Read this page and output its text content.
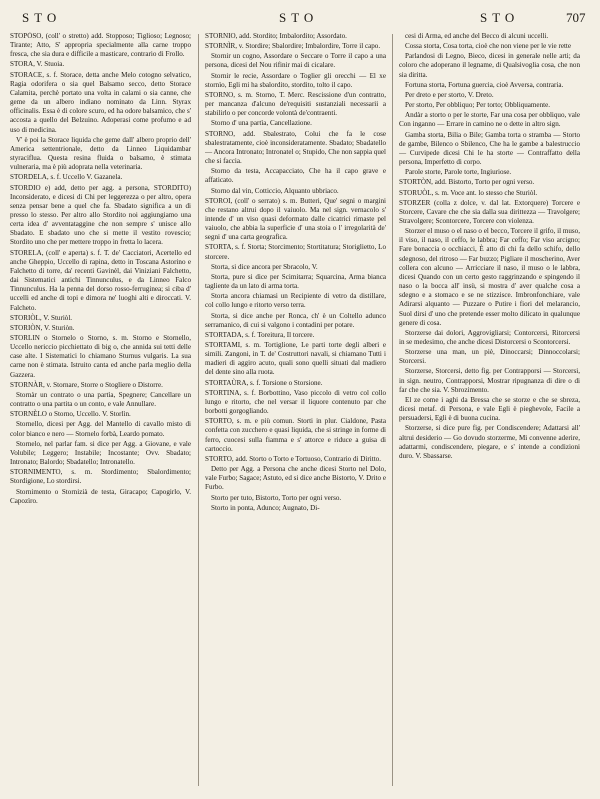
STO	STO	STO	707

STOPÒSO, (coll' o stretto) add. Stopposo; Tiglioso; Legnoso; Tirante; Atto, S' appropria specialmente alla carne troppo fresca, che sia dura e difficile a masticare, contrario di Frollo.

STORA, V. Stuoia.

STORACE, s. f. Storace, detta anche Melo cotogno selvatico, Ragia odorifera o sia quel Balsamo secco, detto Storace Calamita, perchè portato una volta in calami o sia canne, che geme da un albero indiano nominato da Linn. Styrax officinalis. Essa è di colore scuro, ed ha odore balsamico, che s' accosta a quello del Belzuino. Adoperasi come profumo e ad uso di medicina.

V' è poi la Storace liquida che geme dall' albero proprio dell' America settentrionale, detto da Linneo Liquidambar styraciflua. Questa resina fluida o balsamo, è stimata vulneraria, ma è più adoprata nella veterinaria.

STORDELA, s. f. Uccello V. Gazanela.

STORDIO e) add, detto per agg. a persona, STORDITO) Inconsiderato, e dicesi di Chi per leggerezza o per altro, opera senza pensar bene a quel che fa. Sbadato significa a un di presso lo stesso. Per altro allo Stordito noi aggiungiamo una certa idea d' avventataggine che non sempre s' unisce allo Sbadato. E sbadato uno che si mette il vestito rovescio; Stordito uno che per mettere troppo in fretta lo lacera.

STORELA, (coll' e aperta) s. f. T. de' Cacciatori, Acertello ed anche Gheppio, Uccello di rapina, detto in Toscana Astorino e Falchetto di torre, da' recenti Gavinèl, dai Viniziani Falchetto, dai Sistematici antichi Tinnunculus, e da Linneo Falco Tinnunculus. Ha la penna del dorso rosso-ferruginea; si ciba d' uccelli ed anche di topi e dimora ne' luoghi alti e diroccati. V. Falcheto.

STORIÒL, V. Sturiòl.

STORIÒN, V. Sturiòn.

STORLIN o Stornelo o Storno, s. m. Storno e Stornello, Uccello nericcio picchiettato di big o, che annida sui tetti delle case alte. I Sistematici lo chiamano Sturnus vulgaris. La sua carne non è stimata. Istruito canta ed anche parla meglio della Gazzera.

STORNÀR, v. Stornare, Storre o Stogliere o Distorre.

Stornàr un contrato o una partìa, Spegnere; Cancellare un contratto o una partita o un conto, e vale Annullare.

STORNÈLO o Storno, Uccello. V. Storlìn.

Stornello, dicesi per Agg. del Mantello di cavallo misto di color bianco e nero — Stornelo forbà, Leardo pomato.

Stornelo, nel parlar fam. si dice per Agg. a Giovane, e vale Volubile; Leggero; Instabile; Incostante; Ovv. Sbadato; Intronato; Balordo; Sbadatello; Intronatello.

STORNIMENTO, s. m. Stordimento; Sbalordimento; Stordigione, Lo stordirsi.

Stornimento o Stornizià de testa, Giracapo; Capogirlo, V. Capozìro.

STORNIO, add. Stordito; Imbalordito; Assordato.

STORNÌR, v. Stordire; Sbalordire; Imbalordire, Torre il capo.

Stornir un cogno, Assordare o Seccare o Torre il capo a una persona, dicesi del Nou rifinir mai di cicalare.

Stornir le recie, Assordare o Toglier gli orecchi — El xe stornìo, Egli mi ha sbalordito, stordito, tolto il capo.

STORNO, s. m. Storno, T. Merc. Rescissione d'un contratto, per mancanza d'alcuno de'requisiti sustanziali necessarii a stabilirlo o per concorde volontà de'contraenti.

Storno d' una partìa, Cancellazione.

STORNO, add. Sbalestrato, Colui che fa le cose sbalestratamente, cioè inconsideratamente. Sbadato; Sbadatello — Ancora Intronato; Intronatel o; Stupido, Che non sappia quel che si faccia.

Storno da testa, Accapacciato, Che ha il capo grave e affaticato.

Storno dal vin, Cotticcio, Alquanto ubbriaco.

STOROI, (coll' o serrato) s. m. Butteri, Que' segni o margini che restano altrui dopo il vaiuolo. Ma nel sign. vernacolo s' intende d' un viso quasi deformato dalle cicatrici rimaste pel vaiuolo, che abbia la superficie d' una stoia o l' irregolarità de' segni d' una carta geografica.

STORTA, s. f. Storta; Storcimento; Stortitatura; Storiglietto, Lo storcere.

Storta, si dice ancora per Sbracolo, V.

Storta, pure si dice per Scimitarra; Squarcina, Arma bianca tagliente da un lato di arma torta.

Storta ancora chiamasi un Recipiente di vetro da distillare, col collo lungo e ritorto verso terra.

Storta, si dice anche per Ronca, ch' è un Coltello adunco serramanico, di cui si valgono i contadini per potare.

STORTADA, s. f. Toreitura, Il torcere.

STORTAMI, s. m. Tortiglione, Le parti torte degli alberi e simili. Zangoni, in T. de' Costruttori navali, si chiamano Tutti i madieri di aggiro acuto, quali sono quelli situati dal madiero del dente sino alla ruota.

STORTAÙRA, s. f. Torsione o Storsione.

STORTINA, s. f. Borbottino, Vaso piccolo di vetro col collo lungo e ritorto, che nel versar il liquore contenuto par che borbotti gorgogliando.

STORTO, s. m. e più comun. Storti in plur. Cialdone, Pasta confetta con zucchero e quasi liquida, che si stringe in forme di ferro, cuocesi sulla fiamma e s' attorce e riduce a guisa di cartoccio.

STORTO, add. Storto o Torto e Tortuoso, Contrario di Diritto.

Detto per Agg. a Persona che anche dicesi Storto nel Dolo, vale Furbo; Sagace; Astuto, ed si dice anche Bistorto, V. Drito e Furbo.

Storto per tuto, Bistorto, Torto per ogni verso.

Storto in ponta, Adunco; Augnato, Di-

cesi di Arma, ed anche del Becco di alcuni uccelli.

Cossa storta, Cosa torta, cioè che non viene per le vie rette

Parlandosi di Legno, Bieco, dicesi in generale nelle arti; da coloro che adoperano il legname, di Qualsivoglia cosa, che non sia diritta.

Fortuna storta, Fortuna guercia, cioè Avversa, contraria.

Per dreto e per storto, V. Dreto.

Per storto, Per obbliquo; Per torto; Obbliquamente.

Andàr a storto o per le storte, Far una cosa per obbliquo, vale Con inganno — Errare in camino ne o dette in altro sign.

Gamba storta, Bilia o Bile; Gamba torta o stramba — Storto de gambe, Bilenco o Sbilenco, Che ha le gambe a balestruccio — Curvipede dicesi Chi le ha storte — Contraffatto della persona, Imperfetto di corpo.

Parole storte, Parole torte, Ingiuriose.

STORTÒN, add. Bistorto, Torto per ogni verso.

STORUÒL, s. m. Voce ant. lo stesso che Sturiòl.

STORZER (colla z dolce, v. dal lat. Extorquere) Torcere e Storcere, Cavare che che sia dalla sua dirittezza — Travolgere; Stravolgere; Scontorcere, Torcere con violenza.

Storzer el muso o el naso o el becco, Torcere il grifo, il muso, il viso, il naso, il ceffo, le labbra; Far ceffo; Far viso arcigno; Fare bonaccia o occhiacci, È atto di chi fa dello schifo, dello sdegnoso, del ritroso — Far buzzo; Pigliare il moscherino, Aver collera con alcuno — Arricciare il naso, il muso o le labbra, dicesi Quando con un certo gesto raggrinzando e spingendo il naso o la bocca all' insù, si mostra d' aver qualche cosa a sdegno e a stomaco e se ne stizzisce. Imbronfonchiare, vale Adirarsi alquanto — Puzzare o Putire i fiori del melarancio, Suol dirsi d' uno che pretende esser molto dilicato in qualunque genere di cosa.

Storzerse dai dolori, Aggrovigliarsi; Contorcersi, Ritorcersi in se medesimo, che anche dicesi Distorcersi o Scontorcersi.

Storzerse una man, un piè, Dinoccarsi; Dinnoccolarsi; Storcersi.

Storzerse, Storcersi, detto fig. per Contrapporsi — Storcersi, in sign. neutro, Contrapporsi, Mostrar ripugnanza di dire o di far che che sia. V. Sbrozimento.

El ze come i aghi da Bressa che se storze e che se sbreza, dicesi metaf. di Persona, e vale Egli è pieghevole, Facile a persuadersi, Egli è di buona cucina.

Storzerse, si dice pure fig. per Condiscendere; Adattarsi all' altrui desiderio — Go dovudo storzerme, Mi convenne aderire, adattarmi, condiscendere, piegare, e s' intende a condizioni duro. V. Sbassarse.
